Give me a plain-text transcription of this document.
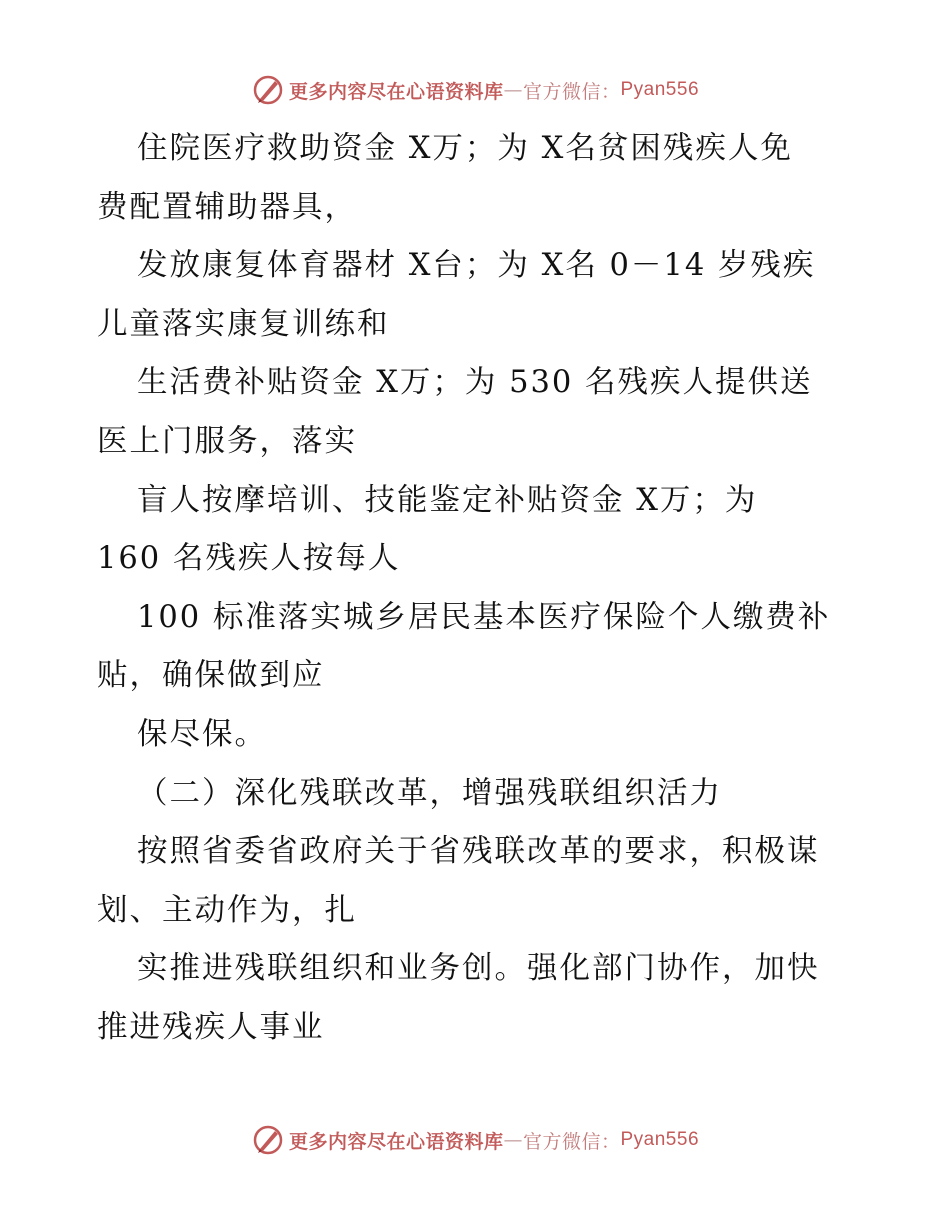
更多内容尽在心语资料库 — 官方微信： Pyan556
住院医疗救助资金 X万；为 X名贫困残疾人免
费配置辅助器具，
发放康复体育器材 X台；为 X名 0－14 岁残疾
儿童落实康复训练和
生活费补贴资金 X万；为 530 名残疾人提供送
医上门服务，落实
盲人按摩培训、技能鉴定补贴资金 X万；为
160 名残疾人按每人
100 标准落实城乡居民基本医疗保险个人缴费补
贴，确保做到应
保尽保。
（二）深化残联改革，增强残联组织活力
按照省委省政府关于省残联改革的要求，积极谋
划、主动作为，扎
实推进残联组织和业务创。强化部门协作，加快
推进残疾人事业
更多内容尽在心语资料库 — 官方微信： Pyan556
